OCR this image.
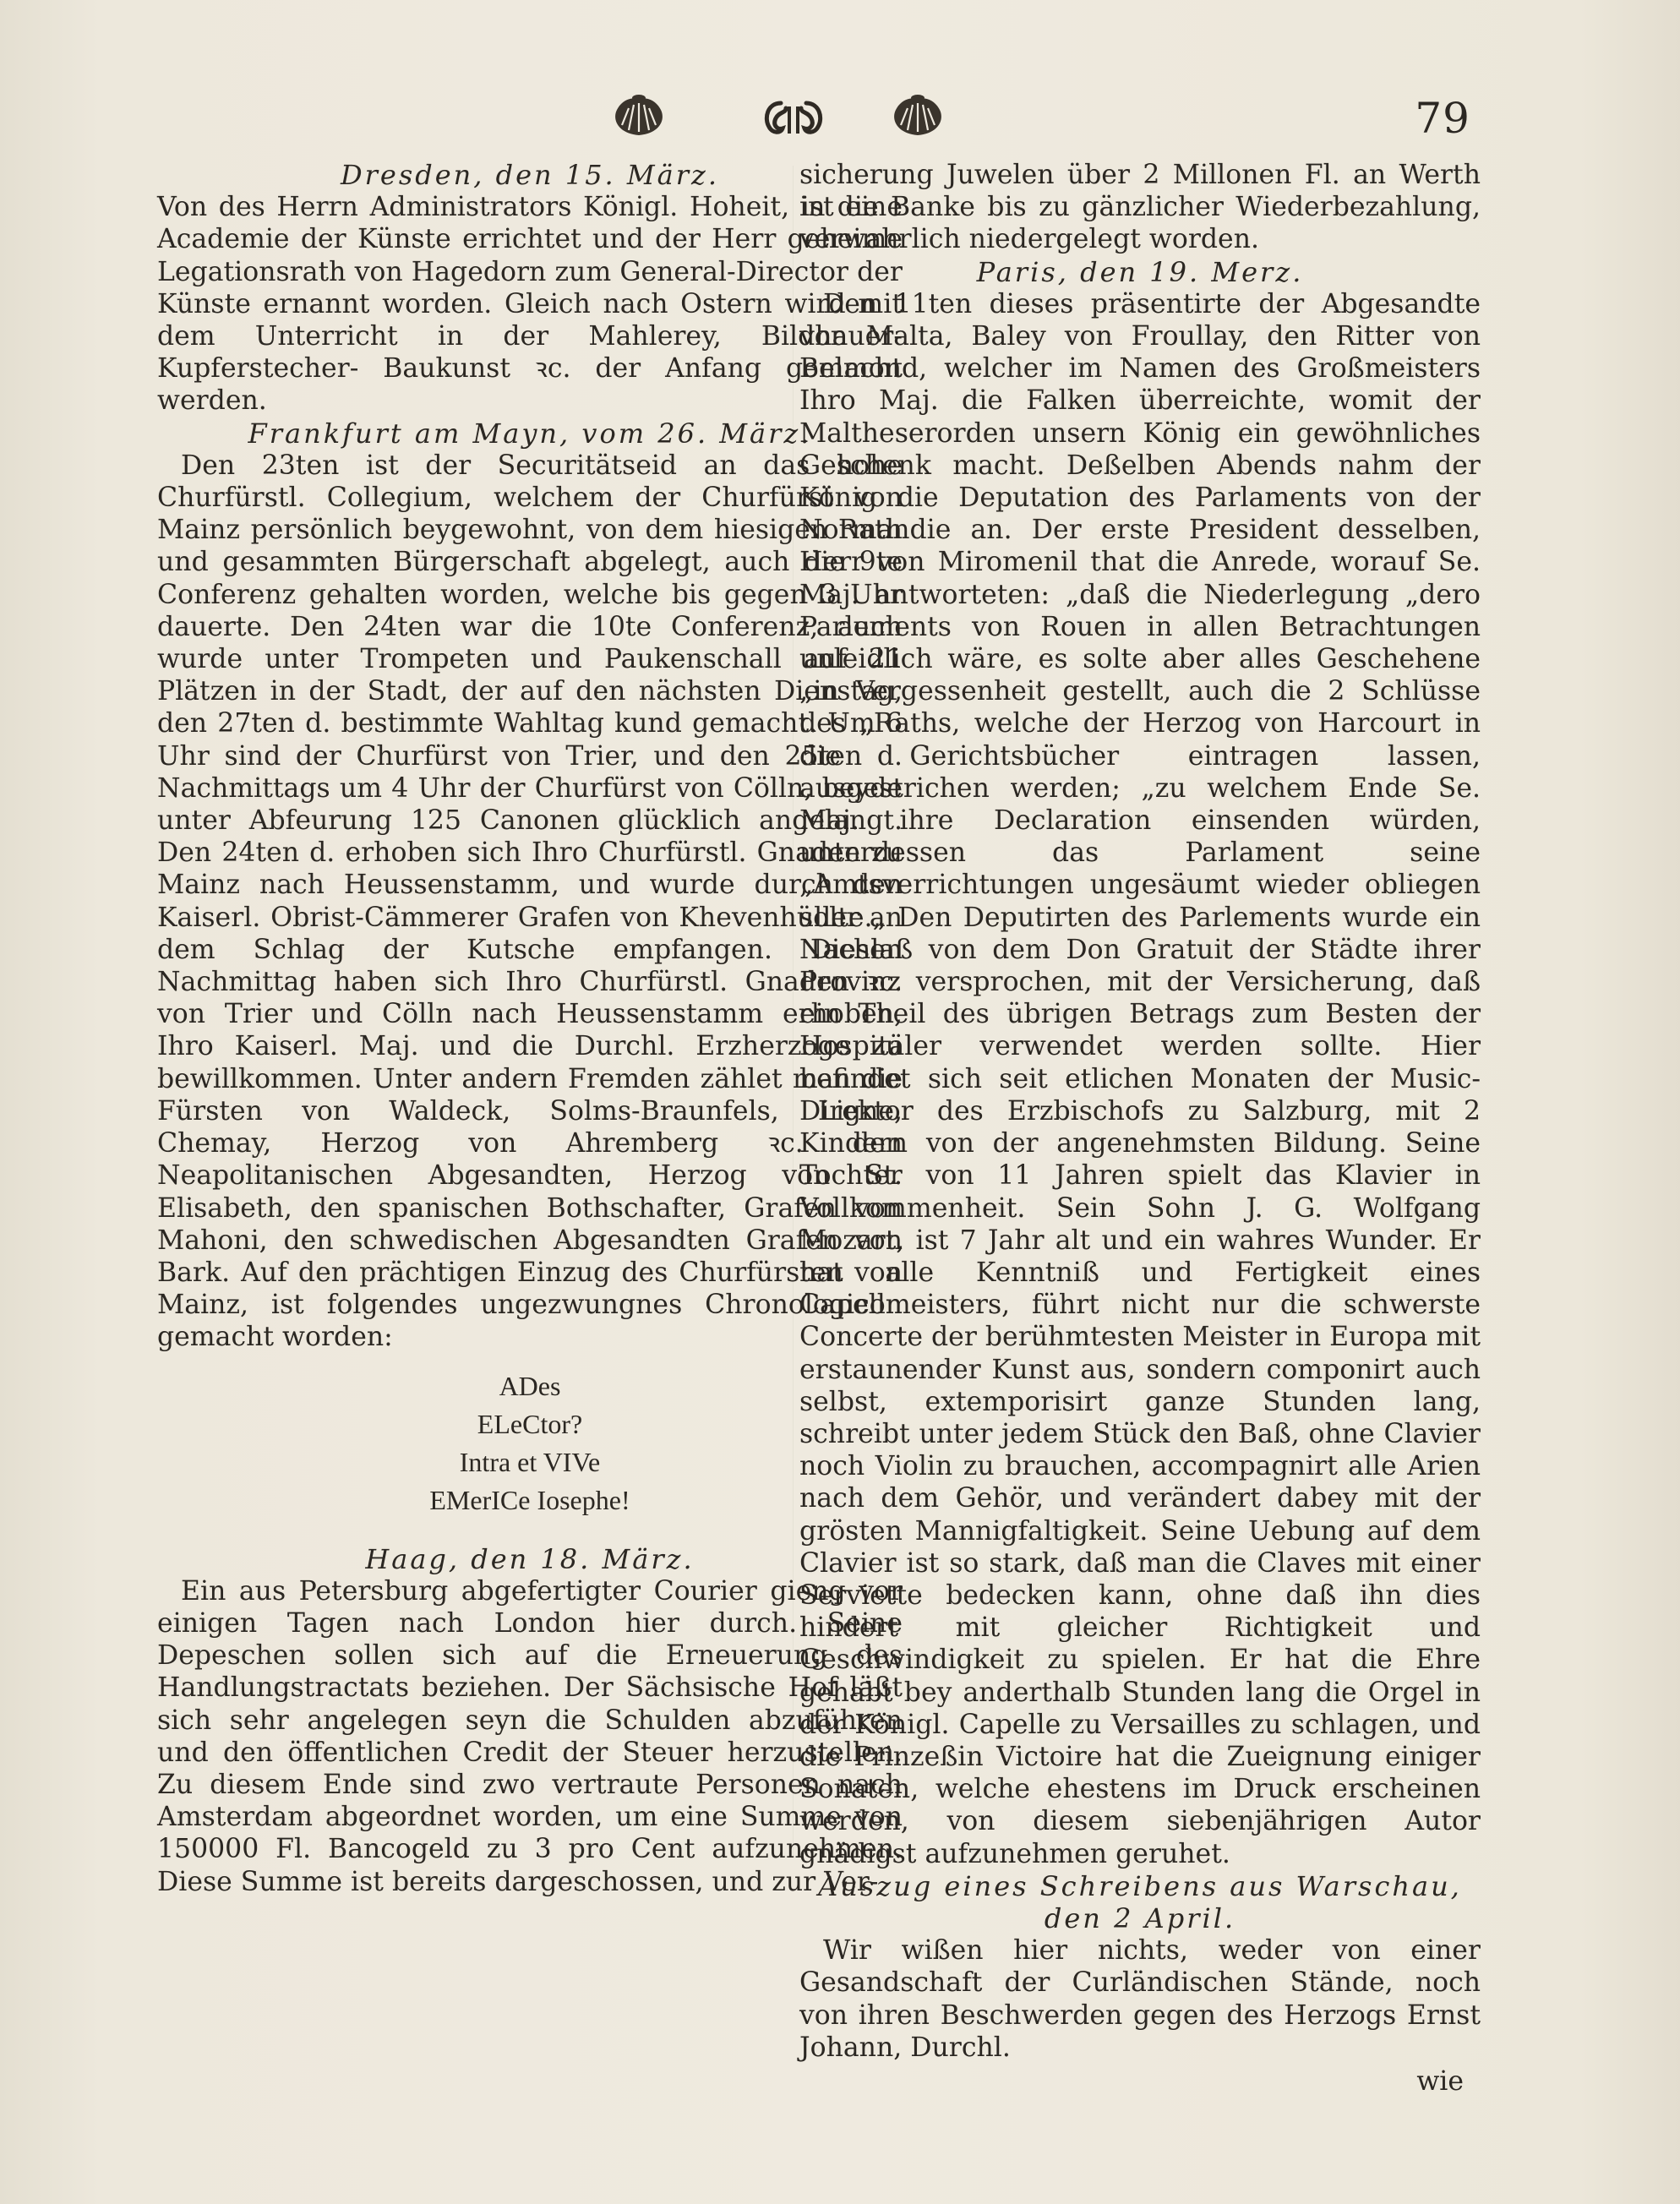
79
Dresden, den 15. März.

Von des Herrn Administrators Königl. Hoheit, ist eine Academie der Künste errichtet und der Herr geheime Legationsrath von Hagedorn zum General-Director der Künste ernannt worden. Gleich nach Ostern wird mit dem Unterricht in der Mahlerey, Bildhauer- Kupferstecher- Baukunst ꝛc. der Anfang gemacht werden.

Frankfurt am Mayn, vom 26. März.

Den 23ten ist der Securitätseid an das hohe Churfürstl. Collegium, welchem der Churfürst von Mainz persönlich beygewohnt, von dem hiesigen Rath und gesammten Bürgerschaft abgelegt, auch die 9te Conferenz gehalten worden, welche bis gegen 3 Uhr dauerte. Den 24ten war die 10te Conferenz, auch wurde unter Trompeten und Paukenschall auf 21 Plätzen in der Stadt, der auf den nächsten Dienstag, den 27ten d. bestimmte Wahltag kund gemacht. Um 6 Uhr sind der Churfürst von Trier, und den 25ten d. Nachmittags um 4 Uhr der Churfürst von Cölln, beyde unter Abfeurung 125 Canonen glücklich angelangt. Den 24ten d. erhoben sich Ihro Churfürstl. Gnaden zu Mainz nach Heussenstamm, und wurde durch den Kaiserl. Obrist-Cämmerer Grafen von Khevenhüller an dem Schlag der Kutsche empfangen. Diesen Nachmittag haben sich Ihro Churfürstl. Gnaden ꝛc. von Trier und Cölln nach Heussenstamm erhoben, Ihro Kaiserl. Maj. und die Durchl. Erzherzoge zu bewillkommen. Unter andern Fremden zählet man die Fürsten von Waldeck, Solms-Braunfels, Ligne, Chemay, Herzog von Ahremberg ꝛc. den Neapolitanischen Abgesandten, Herzog von St. Elisabeth, den spanischen Bothschafter, Grafen von Mahoni, den schwedischen Abgesandten Grafen von Bark. Auf den prächtigen Einzug des Churfürsten von Mainz, ist folgendes ungezwungnes Chronologicon gemacht worden:

ADes
ELeCtor?
Intra et VIVe
EMerICe Iosephe!
Haag, den 18. März.

Ein aus Petersburg abgefertigter Courier gieng vor einigen Tagen nach London hier durch. Seine Depeschen sollen sich auf die Erneuerung des Handlungstractats beziehen. Der Sächsische Hof läßt sich sehr angelegen seyn die Schulden abzuführen und den öffentlichen Credit der Steuer herzustellen. Zu diesem Ende sind zwo vertraute Personen nach Amsterdam abgeordnet worden, um eine Summe von 150000 Fl. Bancogeld zu 3 pro Cent aufzunehmen. Diese Summe ist bereits dargeschossen, und zur Ver-

sicherung Juwelen über 2 Millonen Fl. an Werth in die Banke bis zu gänzlicher Wiederbezahlung, verwahrlich niedergelegt worden.

Paris, den 19. Merz.

Den 11ten dieses präsentirte der Abgesandte von Malta, Baley von Froullay, den Ritter von Belmond, welcher im Namen des Großmeisters Ihro Maj. die Falken überreichte, womit der Maltheserorden unsern König ein gewöhnliches Geschenk macht. Deßelben Abends nahm der König die Deputation des Parlaments von der Normandie an. Der erste President desselben, Herr von Miromenil that die Anrede, worauf Se. Maj. antworteten: „daß die Niederlegung „dero Parlements von Rouen in allen Betrachtungen unleidlich wäre, es solte aber alles Geschehene „in Vergessenheit gestellt, auch die 2 Schlüsse des „Raths, welche der Herzog von Harcourt in die Gerichtsbücher eintragen lassen, ausgestrichen werden; „zu welchem Ende Se. Maj. ihre Declaration einsenden würden, unterdessen das Parlament seine „Amtsverrichtungen ungesäumt wieder obliegen solte.„ Den Deputirten des Parlements wurde ein Nachlaß von dem Don Gratuit der Städte ihrer Provinz versprochen, mit der Versicherung, daß ein Theil des übrigen Betrags zum Besten der Hospitäler verwendet werden sollte. Hier befindet sich seit etlichen Monaten der Music-Direktor des Erzbischofs zu Salzburg, mit 2 Kindern von der angenehmsten Bildung. Seine Tochter von 11 Jahren spielt das Klavier in Vollkommenheit. Sein Sohn J. G. Wolfgang Mozart, ist 7 Jahr alt und ein wahres Wunder. Er hat alle Kenntniß und Fertigkeit eines Capellmeisters, führt nicht nur die schwerste Concerte der berühmtesten Meister in Europa mit erstaunender Kunst aus, sondern componirt auch selbst, extemporisirt ganze Stunden lang, schreibt unter jedem Stück den Baß, ohne Clavier noch Violin zu brauchen, accompagnirt alle Arien nach dem Gehör, und verändert dabey mit der grösten Mannigfaltigkeit. Seine Uebung auf dem Clavier ist so stark, daß man die Claves mit einer Serviette bedecken kann, ohne daß ihn dies hindert mit gleicher Richtigkeit und Geschwindigkeit zu spielen. Er hat die Ehre gehabt bey anderthalb Stunden lang die Orgel in der Königl. Capelle zu Versailles zu schlagen, und die Prinzeßin Victoire hat die Zueignung einiger Sonaten, welche ehestens im Druck erscheinen werden, von diesem siebenjährigen Autor gnädigst aufzunehmen geruhet.

Auszug eines Schreibens aus Warschau,
den 2 April.

Wir wißen hier nichts, weder von einer Gesandschaft der Curländischen Stände, noch von ihren Beschwerden gegen des Herzogs Ernst Johann, Durchl.

wie
